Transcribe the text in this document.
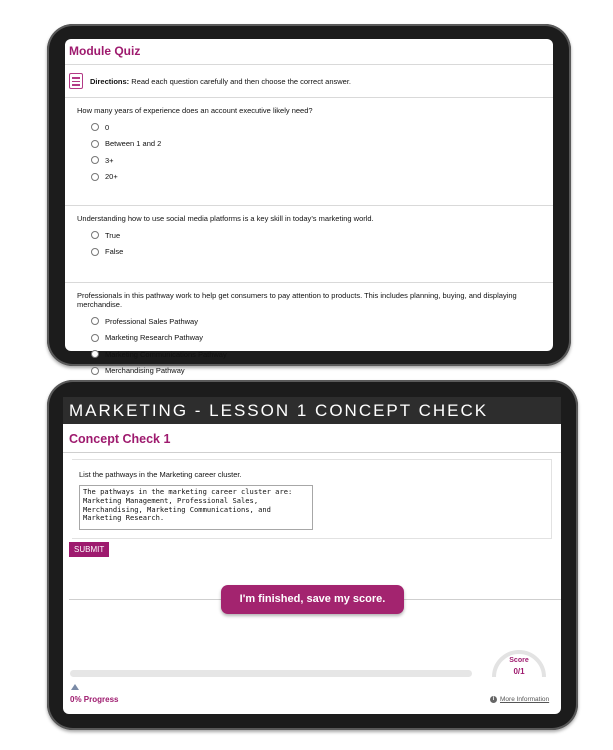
Module Quiz
Directions: Read each question carefully and then choose the correct answer.

How many years of experience does an account executive likely need?

0
Between 1 and 2
3+
20+

Understanding how to use social media platforms is a key skill in today’s marketing world.

True
False

Professionals in this pathway work to help get consumers to pay attention to products. This includes planning, buying, and displaying merchandise.

Professional Sales Pathway
Marketing Research Pathway
Marketing Communications Pathway
Merchandising Pathway
MARKETING - LESSON 1 CONCEPT CHECK
Concept Check 1
List the pathways in the Marketing career cluster.
The pathways in the marketing career cluster are:
Marketing Management, Professional Sales,
Merchandising, Marketing Communications, and
Marketing Research.
SUBMIT
I'm finished, save my score.
0% Progress
Score
0/1
i More Information
